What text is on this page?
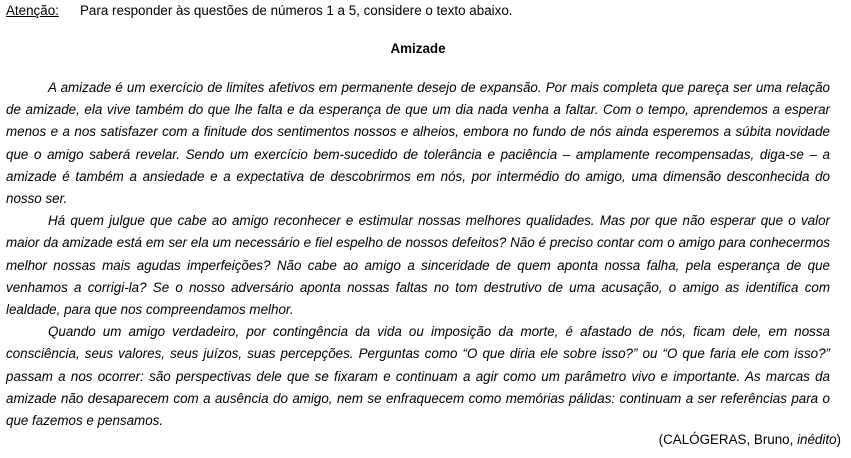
Atenção: Para responder às questões de números 1 a 5, considere o texto abaixo.
Amizade

A amizade é um exercício de limites afetivos em permanente desejo de expansão. Por mais completa que pareça ser uma relação de amizade, ela vive também do que lhe falta e da esperança de que um dia nada venha a faltar. Com o tempo, aprendemos a esperar menos e a nos satisfazer com a finitude dos sentimentos nossos e alheios, embora no fundo de nós ainda esperemos a súbita novidade que o amigo saberá revelar. Sendo um exercício bem-sucedido de tolerância e paciência – amplamente recompensadas, diga-se – a amizade é também a ansiedade e a expectativa de descobrirmos em nós, por intermédio do amigo, uma dimensão desconhecida do nosso ser.

Há quem julgue que cabe ao amigo reconhecer e estimular nossas melhores qualidades. Mas por que não esperar que o valor maior da amizade está em ser ela um necessário e fiel espelho de nossos defeitos? Não é preciso contar com o amigo para conhecermos melhor nossas mais agudas imperfeições? Não cabe ao amigo a sinceridade de quem aponta nossa falha, pela esperança de que venhamos a corrigi-la? Se o nosso adversário aponta nossas faltas no tom destrutivo de uma acusação, o amigo as identifica com lealdade, para que nos compreendamos melhor.

Quando um amigo verdadeiro, por contingência da vida ou imposição da morte, é afastado de nós, ficam dele, em nossa consciência, seus valores, seus juízos, suas percepções. Perguntas como “O que diria ele sobre isso?” ou “O que faria ele com isso?” passam a nos ocorrer: são perspectivas dele que se fixaram e continuam a agir como um parâmetro vivo e importante. As marcas da amizade não desaparecem com a ausência do amigo, nem se enfraquecem como memórias pálidas: continuam a ser referências para o que fazemos e pensamos.

(CALÓGERAS, Bruno, inédito)
